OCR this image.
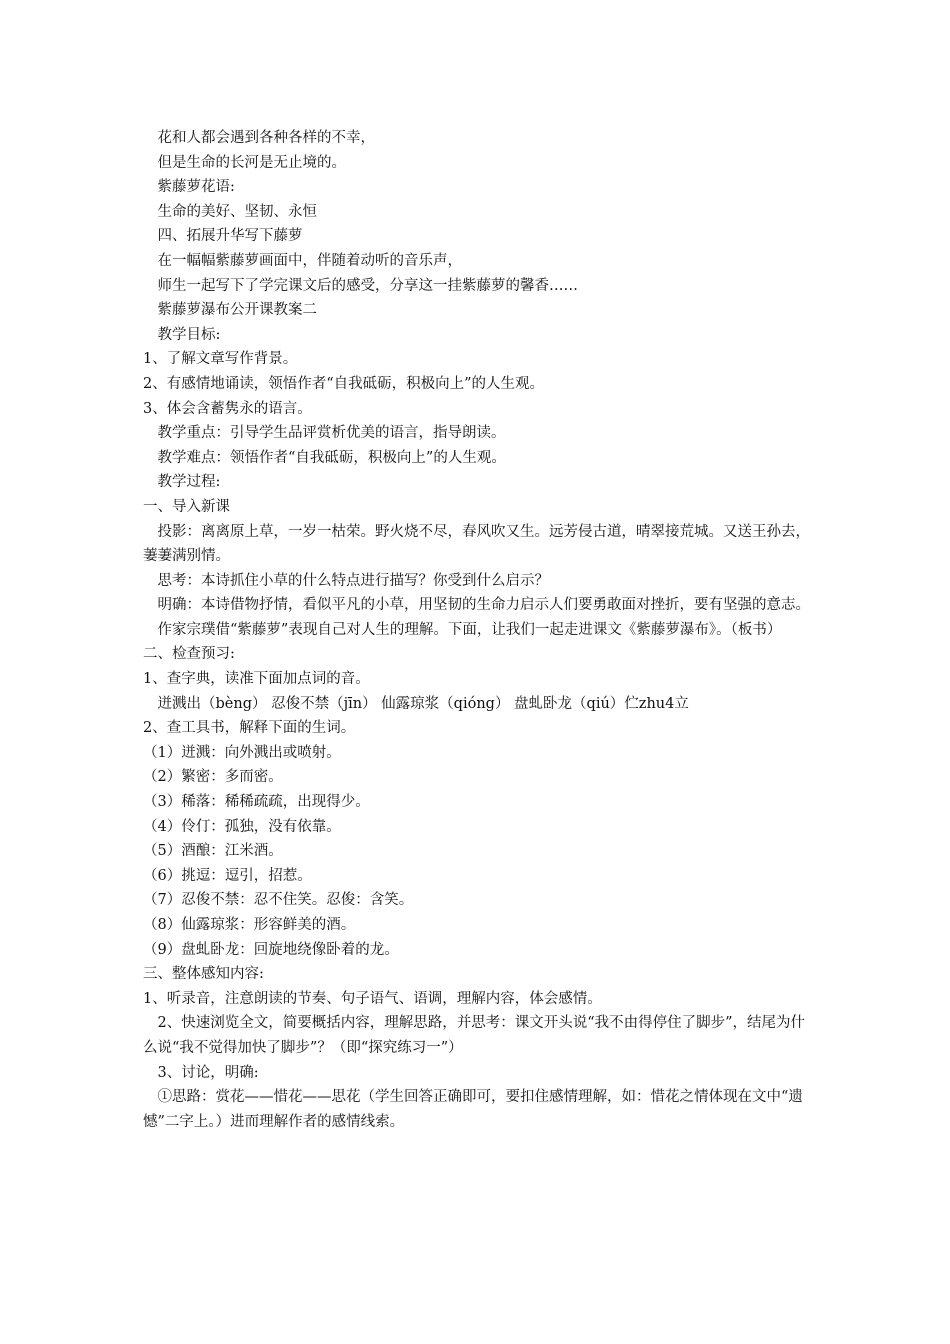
花和人都会遇到各种各样的不幸，

但是生命的长河是无止境的。

紫藤萝花语:

生命的美好、坚韧、永恒

四、拓展升华写下藤萝

在一幅幅紫藤萝画面中，伴随着动听的音乐声，

师生一起写下了学完课文后的感受，分享这一挂紫藤萝的馨香……

紫藤萝瀑布公开课教案二

教学目标:

1、了解文章写作背景。

2、有感情地诵读，领悟作者“自我砥砺，积极向上”的人生观。

3、体会含蓄隽永的语言。

教学重点：引导学生品评赏析优美的语言，指导朗读。

教学难点：领悟作者“自我砥砺，积极向上”的人生观。

教学过程:

一、导入新课

投影：离离原上草，一岁一枯荣。野火烧不尽，春风吹又生。远芳侵古道，晴翠接荒城。又送王孙去，萋萋满别情。

思考：本诗抓住小草的什么特点进行描写？你受到什么启示？

明确：本诗借物抒情，看似平凡的小草，用坚韧的生命力启示人们要勇敢面对挫折，要有坚强的意志。

作家宗璞借“紫藤萝”表现自己对人生的理解。下面，让我们一起走进课文《紫藤萝瀑布》。（板书）

二、检查预习:

1、查字典，读准下面加点词的音。

迸溅出（bèng） 忍俊不禁（jīn） 仙露琼浆（qióng） 盘虬卧龙（qiú）伫zhu4立

2、查工具书，解释下面的生词。

（1）迸溅：向外溅出或喷射。

（2）繁密：多而密。

（3）稀落：稀稀疏疏，出现得少。

（4）伶仃：孤独，没有依靠。

（5）酒酿：江米酒。

（6）挑逗：逗引，招惹。

（7）忍俊不禁：忍不住笑。忍俊：含笑。

（8）仙露琼浆：形容鲜美的酒。

（9）盘虬卧龙：回旋地绕像卧着的龙。

三、整体感知内容:

1、听录音，注意朗读的节奏、句子语气、语调，理解内容，体会感情。

2、快速浏览全文，简要概括内容，理解思路，并思考：课文开头说“我不由得停住了脚步”，结尾为什么说“我不觉得加快了脚步”？（即“探究练习一”）

3、讨论，明确:

①思路：赏花——惜花——思花（学生回答正确即可，要扣住感情理解，如：惜花之情体现在文中“遗憾”二字上。）进而理解作者的感情线索。
